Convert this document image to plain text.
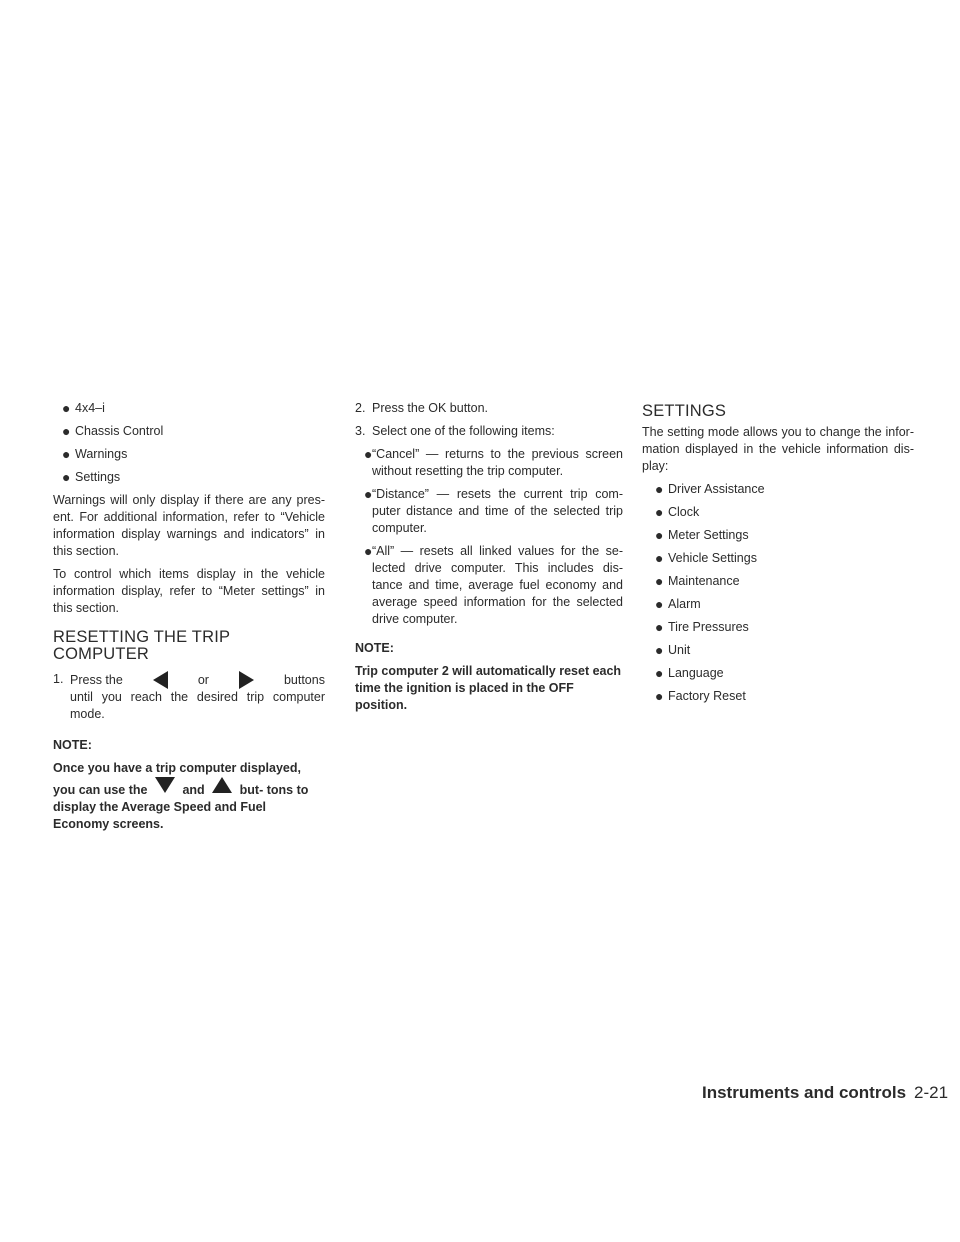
● 4x4–i
● Chassis Control
● Warnings
● Settings

Warnings will only display if there are any pres- ent. For additional information, refer to “Vehicle information display warnings and indicators” in this section.

To control which items display in the vehicle information display, refer to “Meter settings” in this section.

RESETTING THE TRIP COMPUTER
1. Press the	or	buttons
until you reach the desired trip computer mode.
NOTE:
Once you have a trip computer displayed, you can use the	and	but- tons to display the Average Speed and Fuel Economy screens.
2. Press the OK button.
3. Select one of the following items:
● “Cancel” — returns to the previous screen without resetting the trip computer.
● “Distance” — resets the current trip com- puter distance and time of the selected trip computer.
● “All” — resets all linked values for the se- lected drive computer. This includes dis- tance and time, average fuel economy and average speed information for the selected drive computer.
NOTE:
Trip computer 2 will automatically reset each time the ignition is placed in the OFF position.
SETTINGS

The setting mode allows you to change the infor- mation displayed in the vehicle information dis- play:

● Driver Assistance
● Clock
● Meter Settings
● Vehicle Settings
● Maintenance
● Alarm
● Tire Pressures
● Unit
● Language
● Factory Reset
Instruments and controls 2-21
